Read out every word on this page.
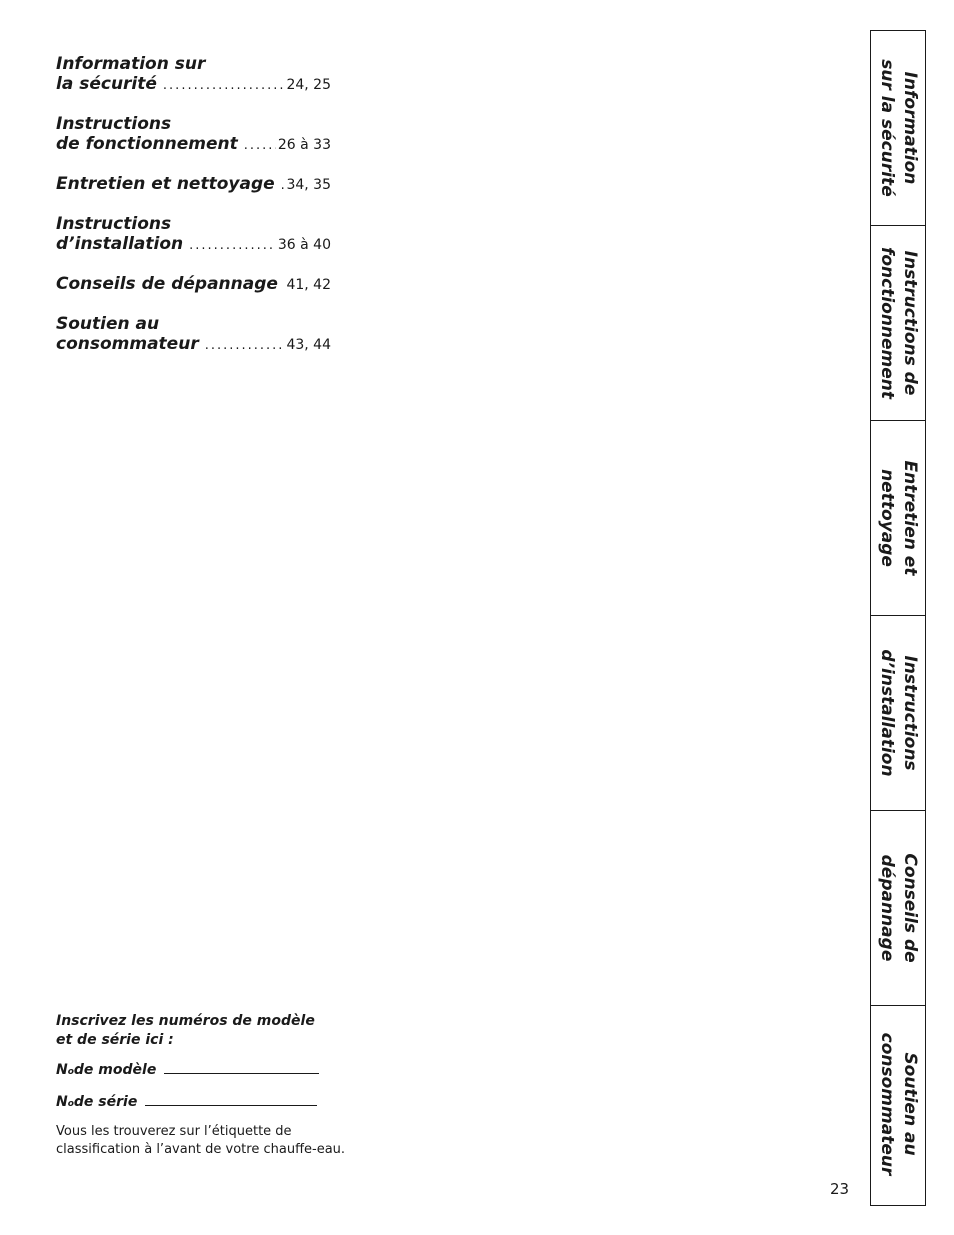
Information sur
la sécurité .....	24, 25
Instructions
de fonctionnement .....	26 à 33
Entretien et nettoyage ..... 34, 35
Instructions
d’installation .....	36 à 40
Conseils de dépannage ..... 41, 42
Soutien au
consommateur .....	43, 44
Inscrivez les numéros de modèle
et de série ici :
N o de modèle
N o de série
Vous les trouverez sur l’étiquette de
classification à l’avant de votre chauffe-eau.
23
Information
sur la sécurité
Instructions de
fonctionnement
Entretien et
nettoyage
Instructions
d’installation
Conseils de
dépannage
Soutien au
consommateur
